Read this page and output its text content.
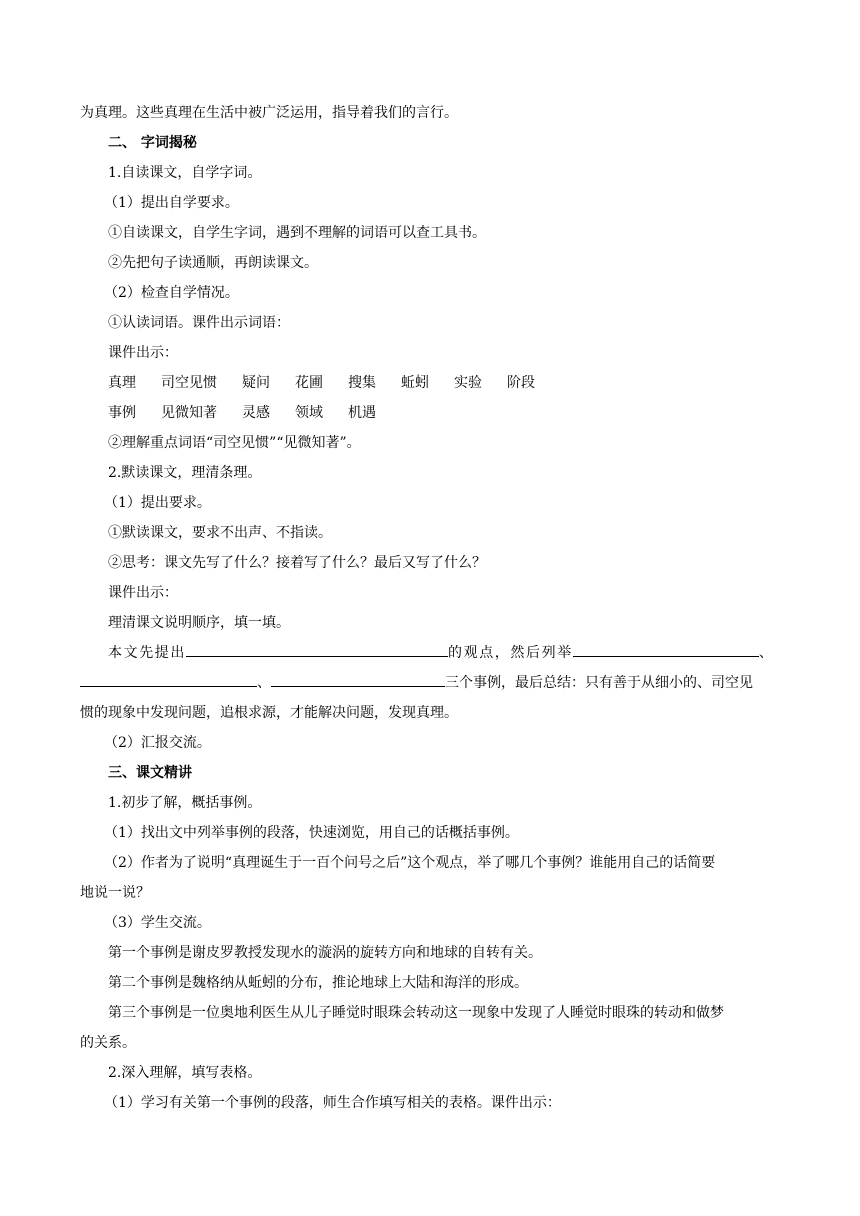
为真理。这些真理在生活中被广泛运用，指导着我们的言行。
二、 字词揭秘
1.自读课文，自学字词。
（1）提出自学要求。
①自读课文，自学生字词，遇到不理解的词语可以查工具书。
②先把句子读通顺，再朗读课文。
（2）检查自学情况。
①认读词语。课件出示词语：
课件出示：
真理 司空见惯 疑问 花圃 搜集 蚯蚓 实验 阶段
事例 见微知著 灵感 领域 机遇
②理解重点词语“司空见惯”“见微知著”。
2.默读课文，理清条理。
（1）提出要求。
①默读课文，要求不出声、不指读。
②思考：课文先写了什么？接着写了什么？最后又写了什么？
课件出示：
理清课文说明顺序，填一填。
本文先提出	的观点，然后列举	、
、	三个事例，最后总结：只有善于从细小的、司空见
惯的现象中发现问题，追根求源，才能解决问题，发现真理。
（2）汇报交流。
三、课文精讲
1.初步了解，概括事例。
（1）找出文中列举事例的段落，快速浏览，用自己的话概括事例。
（2）作者为了说明“真理诞生于一百个问号之后”这个观点，举了哪几个事例？谁能用自己的话简要
地说一说？
（3）学生交流。
第一个事例是谢皮罗教授发现水的漩涡的旋转方向和地球的自转有关。
第二个事例是魏格纳从蚯蚓的分布，推论地球上大陆和海洋的形成。
第三个事例是一位奥地利医生从儿子睡觉时眼珠会转动这一现象中发现了人睡觉时眼珠的转动和做梦
的关系。
2.深入理解，填写表格。
（1）学习有关第一个事例的段落，师生合作填写相关的表格。课件出示：
